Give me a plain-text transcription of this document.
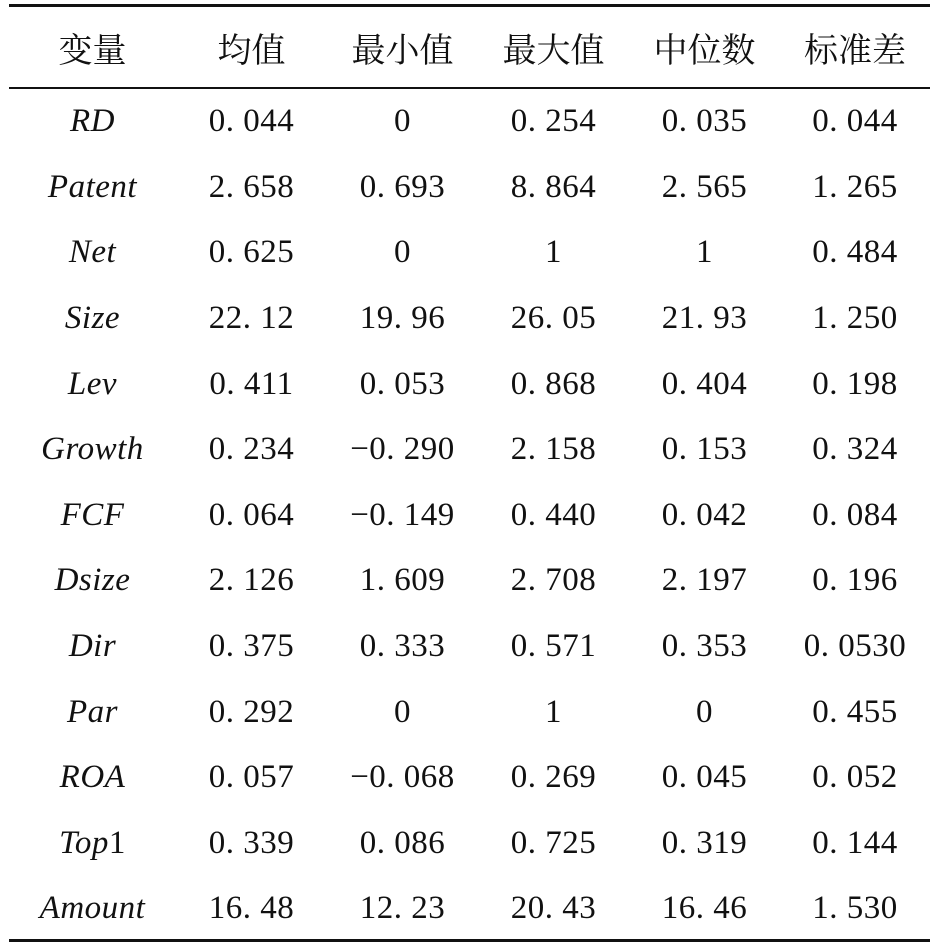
变量	均值	最小值	最大值	中位数	标准差
RD	0. 044	0	0. 254	0. 035	0. 044
Patent	2. 658	0. 693	8. 864	2. 565	1. 265
Net	0. 625	0	1	1	0. 484
Size	22. 12	19. 96	26. 05	21. 93	1. 250
Lev	0. 411	0. 053	0. 868	0. 404	0. 198
Growth	0. 234	−0. 290	2. 158	0. 153	0. 324
FCF	0. 064	−0. 149	0. 440	0. 042	0. 084
Dsize	2. 126	1. 609	2. 708	2. 197	0. 196
Dir	0. 375	0. 333	0. 571	0. 353	0. 0530
Par	0. 292	0	1	0	0. 455
ROA	0. 057	−0. 068	0. 269	0. 045	0. 052
Top1	0. 339	0. 086	0. 725	0. 319	0. 144
Amount	16. 48	12. 23	20. 43	16. 46	1. 530
